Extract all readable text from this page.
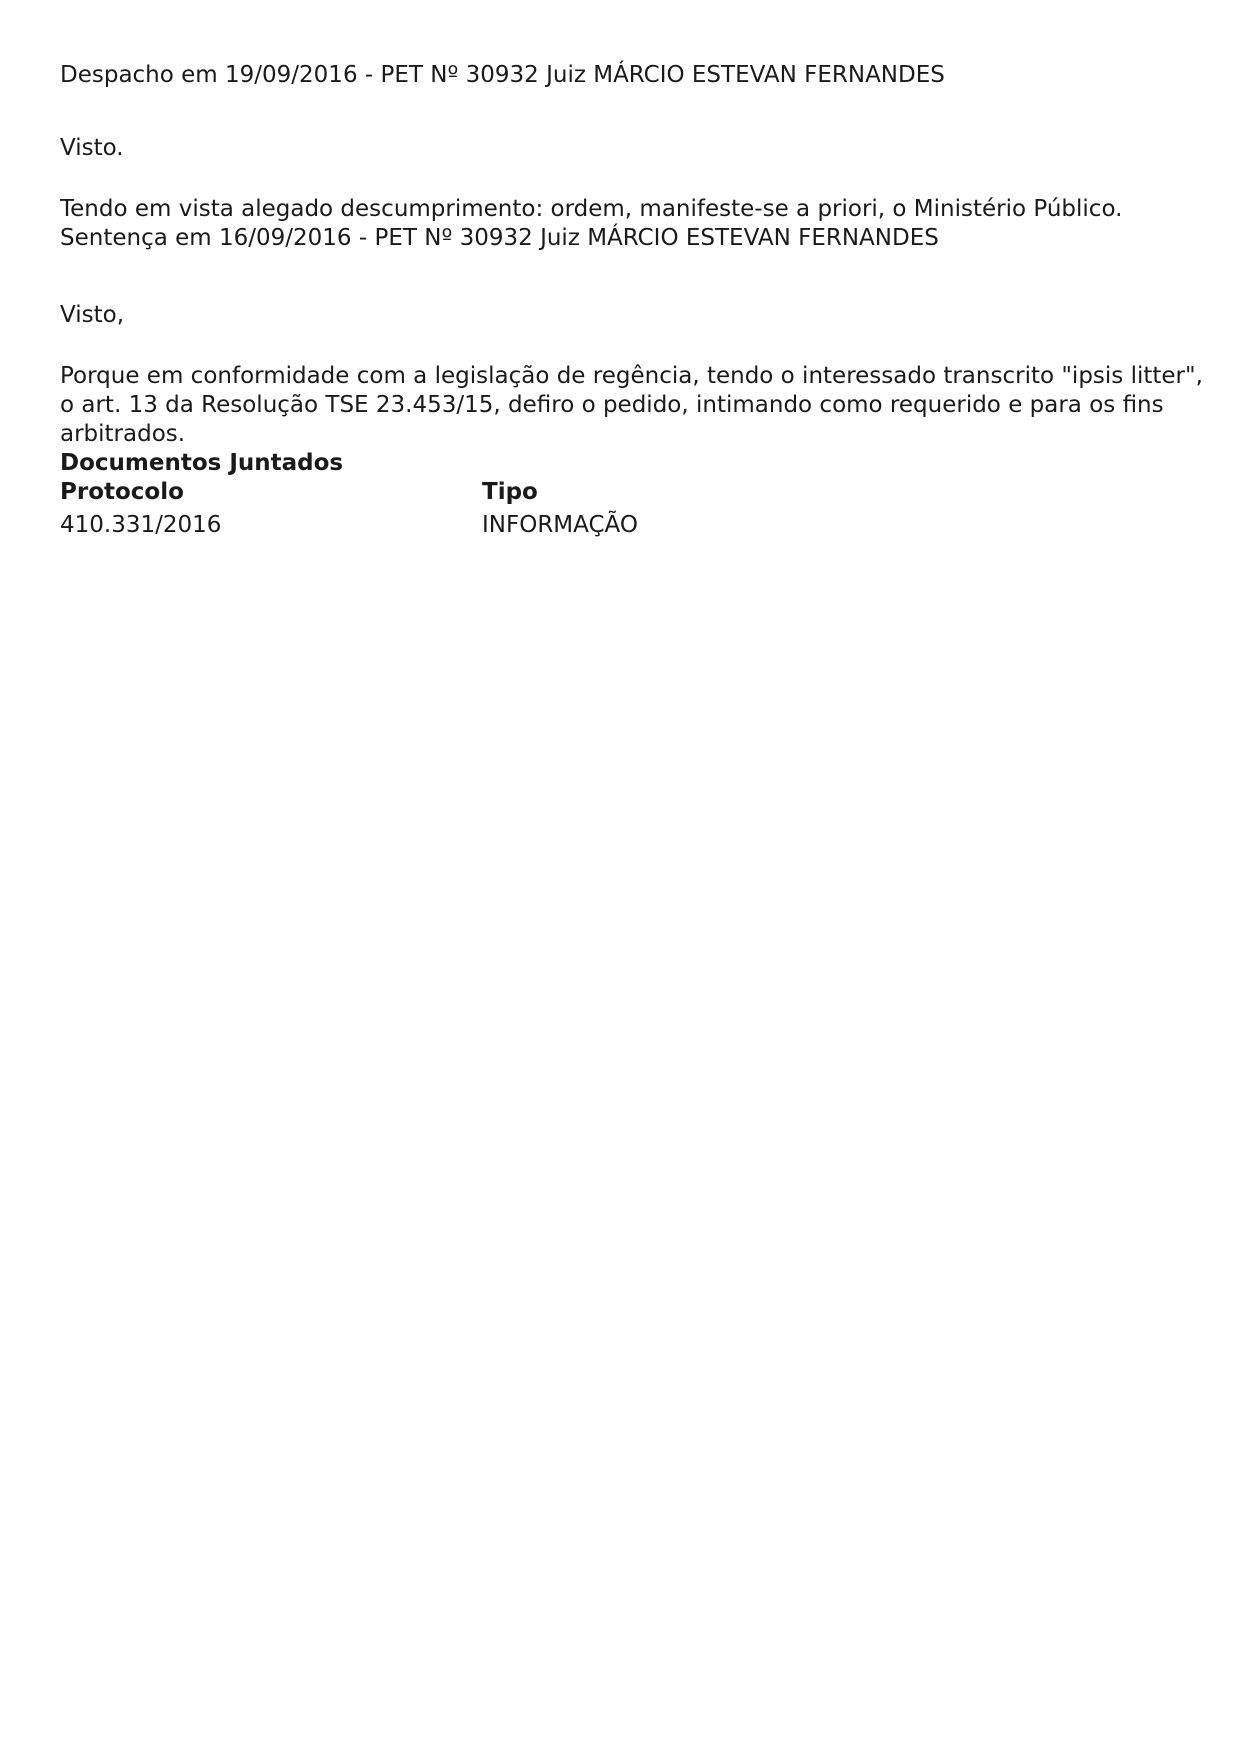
Despacho em 19/09/2016 - PET Nº 30932 Juiz MÁRCIO ESTEVAN FERNANDES
Visto.
Tendo em vista alegado descumprimento: ordem, manifeste-se a priori, o Ministério Público.
Sentença em 16/09/2016 - PET Nº 30932 Juiz MÁRCIO ESTEVAN FERNANDES
Visto,
Porque em conformidade com a legislação de regência, tendo o interessado transcrito "ipsis litter",
o art. 13 da Resolução TSE 23.453/15, defiro o pedido, intimando como requerido e para os fins
arbitrados.
Documentos Juntados
Protocolo	Tipo
410.331/2016	INFORMAÇÃO
